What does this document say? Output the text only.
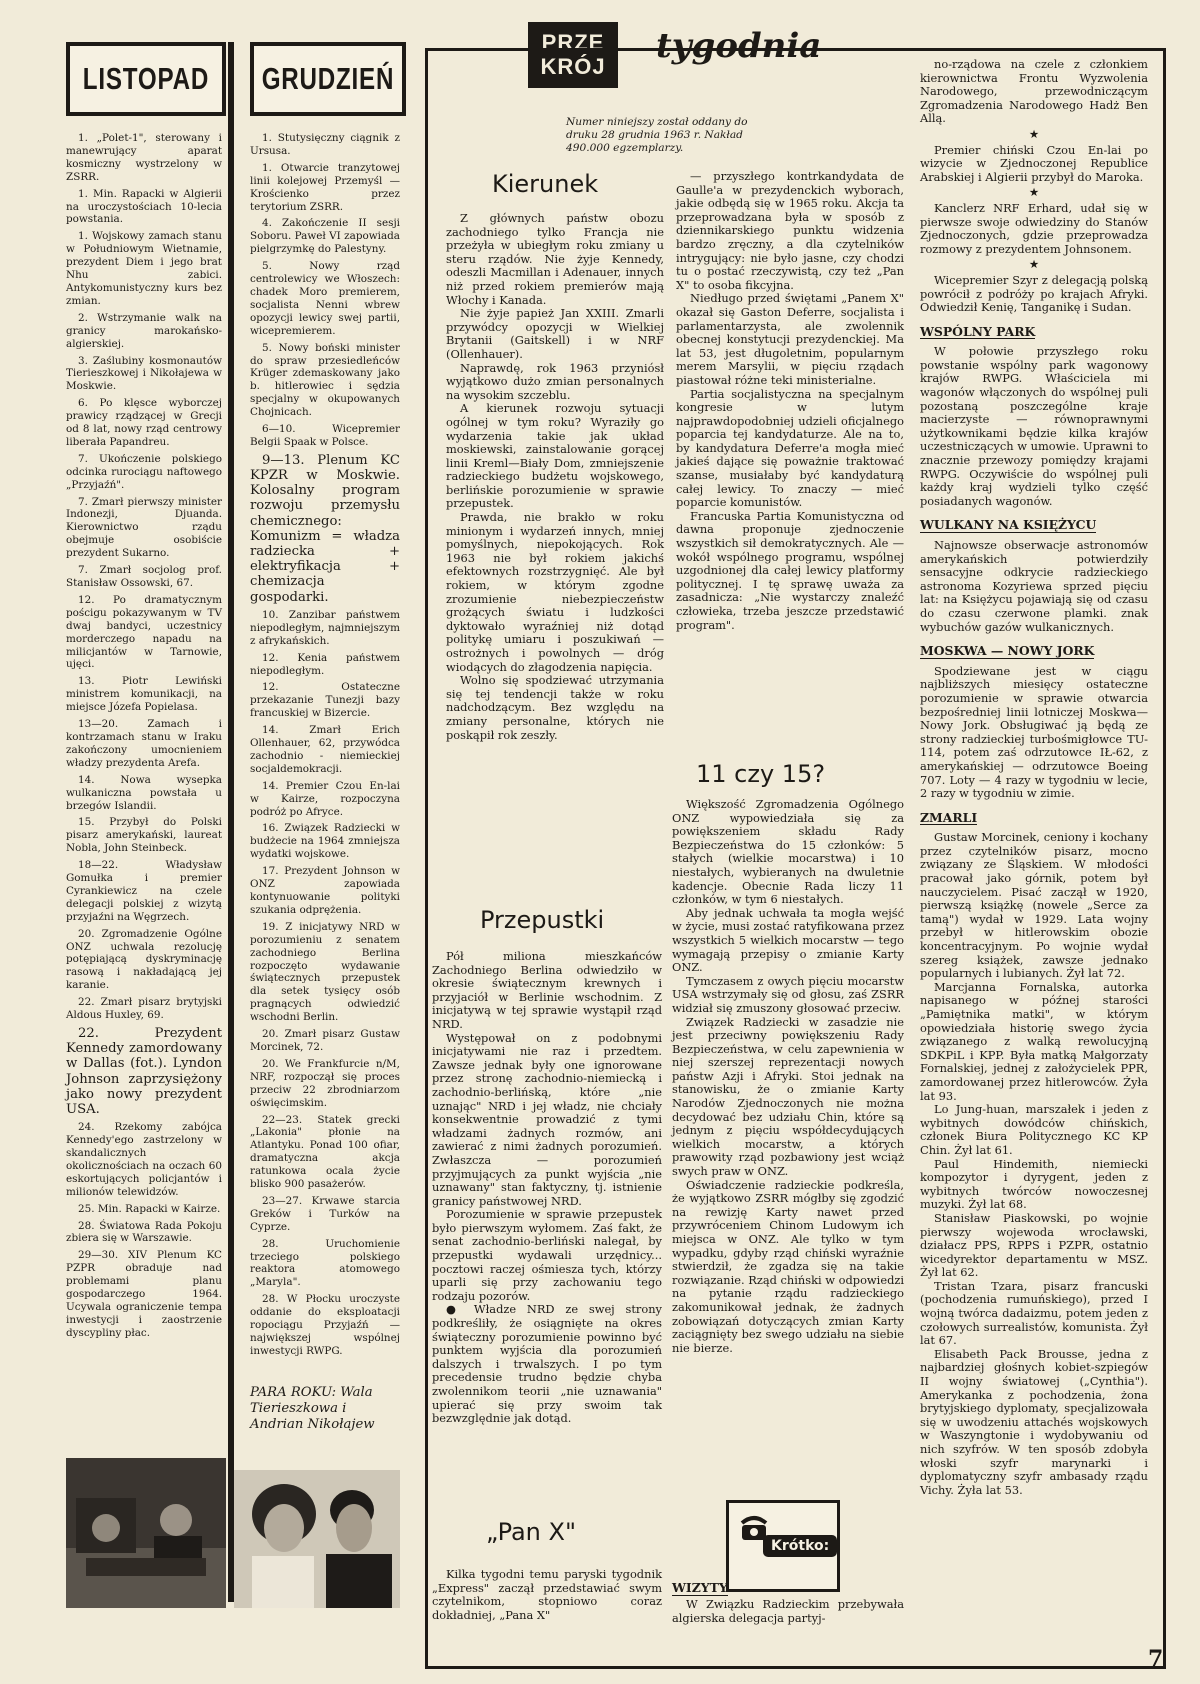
LISTOPAD GRUDZIEŃ

1. „Polet-1", sterowany i manewrujący aparat kosmiczny wystrzelony w ZSRR.

1. Min. Rapacki w Algierii na uroczystościach 10-lecia powstania.

1. Wojskowy zamach stanu w Południowym Wietnamie, prezydent Diem i jego brat Nhu zabici. Antykomunistyczny kurs bez zmian.

2. Wstrzymanie walk na granicy marokańsko-algierskiej.

3. Zaślubiny kosmonautów Tierieszkowej i Nikołajewa w Moskwie.

6. Po klęsce wyborczej prawicy rządzącej w Grecji od 8 lat, nowy rząd centrowy liberała Papandreu.

7. Ukończenie polskiego odcinka rurociągu naftowego „Przyjaźń".

7. Zmarł pierwszy minister Indonezji, Djuanda. Kierownictwo rządu obejmuje osobiście prezydent Sukarno.

7. Zmarł socjolog prof. Stanisław Ossowski, 67.

12. Po dramatycznym pościgu pokazywanym w TV dwaj bandyci, uczestnicy morderczego napadu na milicjantów w Tarnowie, ujęci.

13. Piotr Lewiński ministrem komunikacji, na miejsce Józefa Popielasa.

13—20. Zamach i kontrzamach stanu w Iraku zakończony umocnieniem władzy prezydenta Arefa.

14. Nowa wysepka wulkaniczna powstała u brzegów Islandii.

15. Przybył do Polski pisarz amerykański, laureat Nobla, John Steinbeck.

18—22. Władysław Gomułka i premier Cyrankiewicz na czele delegacji polskiej z wizytą przyjaźni na Węgrzech.

20. Zgromadzenie Ogólne ONZ uchwala rezolucję potępiającą dyskryminację rasową i nakładającą jej karanie.

22. Zmarł pisarz brytyjski Aldous Huxley, 69.

22. Prezydent Kennedy zamordowany w Dallas (fot.). Lyndon Johnson zaprzysiężony jako nowy prezydent USA.

24. Rzekomy zabójca Kennedy'ego zastrzelony w skandalicznych okolicznościach na oczach 60 eskortujących policjantów i milionów telewidzów.

25. Min. Rapacki w Kairze.

28. Światowa Rada Pokoju zbiera się w Warszawie.

29—30. XIV Plenum KC PZPR obraduje nad problemami planu gospodarczego 1964. Ucywala ograniczenie tempa inwestycji i zaostrzenie dyscypliny płac.

1. Stutysięczny ciągnik z Ursusa.

1. Otwarcie tranzytowej linii kolejowej Przemyśl — Krościenko przez terytorium ZSRR.

4. Zakończenie II sesji Soboru. Paweł VI zapowiada pielgrzymkę do Palestyny.

5. Nowy rząd centrolewicy we Włoszech: chadek Moro premierem, socjalista Nenni wbrew opozycji lewicy swej partii, wicepremierem.

5. Nowy boński minister do spraw przesiedleńców Krüger zdemaskowany jako b. hitlerowiec i sędzia specjalny w okupowanych Chojnicach.

6—10. Wicepremier Belgii Spaak w Polsce.

9—13. Plenum KC KPZR w Moskwie. Kolosalny program rozwoju przemysłu chemicznego: Komunizm = władza radziecka + elektryfikacja + chemizacja gospodarki.

10. Zanzibar państwem niepodległym, najmniejszym z afrykańskich.

12. Kenia państwem niepodległym.

12. Ostateczne przekazanie Tunezji bazy francuskiej w Bizercie.

14. Zmarł Erich Ollenhauer, 62, przywódca zachodnio - niemieckiej socjaldemokracji.

14. Premier Czou En-lai w Kairze, rozpoczyna podróż po Afryce.

16. Związek Radziecki w budżecie na 1964 zmniejsza wydatki wojskowe.

17. Prezydent Johnson w ONZ zapowiada kontynuowanie polityki szukania odprężenia.

19. Z inicjatywy NRD w porozumieniu z senatem zachodniego Berlina rozpoczęto wydawanie świątecznych przepustek dla setek tysięcy osób pragnących odwiedzić wschodni Berlin.

20. Zmarł pisarz Gustaw Morcinek, 72.

20. We Frankfurcie n/M, NRF, rozpoczął się proces przeciw 22 zbrodniarzom oświęcimskim.

22—23. Statek grecki „Lakonia" płonie na Atlantyku. Ponad 100 ofiar, dramatyczna akcja ratunkowa ocala życie blisko 900 pasażerów.

23—27. Krwawe starcia Greków i Turków na Cyprze.

28. Uruchomienie trzeciego polskiego reaktora atomowego „Maryla".

28. W Płocku uroczyste oddanie do eksploatacji ropociągu Przyjaźń — największej wspólnej inwestycji RWPG.

PARA ROKU: Wala Tierieszkowa i Andrian Nikołajew
PRZE
KRÓJ
tygodnia
Numer niniejszy został oddany do druku 28 grudnia 1963 r. Nakład 490.000 egzemplarzy.
Kierunek

Z głównych państw obozu zachodniego tylko Francja nie przeżyła w ubiegłym roku zmiany u steru rządów. Nie żyje Kennedy, odeszli Macmillan i Adenauer, innych niż przed rokiem premierów mają Włochy i Kanada.

Nie żyje papież Jan XXIII. Zmarli przywódcy opozycji w Wielkiej Brytanii (Gaitskell) i w NRF (Ollenhauer).

Naprawdę, rok 1963 przyniósł wyjątkowo dużo zmian personalnych na wysokim szczeblu.

A kierunek rozwoju sytuacji ogólnej w tym roku? Wyraziły go wydarzenia takie jak układ moskiewski, zainstalowanie gorącej linii Kreml—Biały Dom, zmniejszenie radzieckiego budżetu wojskowego, berlińskie porozumienie w sprawie przepustek.

Prawda, nie brakło w roku minionym i wydarzeń innych, mniej pomyślnych, niepokojących. Rok 1963 nie był rokiem jakichś efektownych rozstrzygnięć. Ale był rokiem, w którym zgodne zrozumienie niebezpieczeństw grożących światu i ludzkości dyktowało wyraźniej niż dotąd politykę umiaru i poszukiwań — ostrożnych i powolnych — dróg wiodących do złagodzenia napięcia.

Wolno się spodziewać utrzymania się tej tendencji także w roku nadchodzącym. Bez względu na zmiany personalne, których nie poskąpił rok zeszły.

Przepustki

Pół miliona mieszkańców Zachodniego Berlina odwiedziło w okresie świątecznym krewnych i przyjaciół w Berlinie wschodnim. Z inicjatywą w tej sprawie wystąpił rząd NRD.

Występował on z podobnymi inicjatywami nie raz i przedtem. Zawsze jednak były one ignorowane przez stronę zachodnio-niemiecką i zachodnio-berlińską, które „nie uznając" NRD i jej władz, nie chciały konsekwentnie prowadzić z tymi władzami żadnych rozmów, ani zawierać z nimi żadnych porozumień. Zwłaszcza — porozumień przyjmujących za punkt wyjścia „nie uznawany" stan faktyczny, tj. istnienie granicy państwowej NRD.

Porozumienie w sprawie przepustek było pierwszym wyłomem. Zaś fakt, że senat zachodnio-berliński nalegał, by przepustki wydawali urzędnicy... pocztowi raczej ośmiesza tych, którzy uparli się przy zachowaniu tego rodzaju pozorów.

● Władze NRD ze swej strony podkreśliły, że osiągnięte na okres świąteczny porozumienie powinno być punktem wyjścia dla porozumień dalszych i trwalszych. I po tym precedensie trudno będzie chyba zwolennikom teorii „nie uznawania" upierać się przy swoim tak bezwzględnie jak dotąd.

„Pan X"

Kilka tygodni temu paryski tygodnik „Express" zaczął przedstawiać swym czytelnikom, stopniowo coraz dokładniej, „Pana X"

— przyszłego kontrkandydata de Gaulle'a w prezydenckich wyborach, jakie odbędą się w 1965 roku. Akcja ta przeprowadzana była w sposób z dziennikarskiego punktu widzenia bardzo zręczny, a dla czytelników intrygujący: nie było jasne, czy chodzi tu o postać rzeczywistą, czy też „Pan X" to osoba fikcyjna.

Niedługo przed świętami „Panem X" okazał się Gaston Deferre, socjalista i parlamentarzysta, ale zwolennik obecnej konstytucji prezydenckiej. Ma lat 53, jest długoletnim, popularnym merem Marsylii, w pięciu rządach piastował różne teki ministerialne.

Partia socjalistyczna na specjalnym kongresie w lutym najprawdopodobniej udzieli oficjalnego poparcia tej kandydaturze. Ale na to, by kandydatura Deferre'a mogła mieć jakieś dające się poważnie traktować szanse, musiałaby być kandydaturą całej lewicy. To znaczy — mieć poparcie komunistów.

Francuska Partia Komunistyczna od dawna proponuje zjednoczenie wszystkich sił demokratycznych. Ale — wokół wspólnego programu, wspólnej uzgodnionej dla całej lewicy platformy politycznej. I tę sprawę uważa za zasadnicza: „Nie wystarczy znaleźć człowieka, trzeba jeszcze przedstawić program".

11 czy 15?

Większość Zgromadzenia Ogólnego ONZ wypowiedziała się za powiększeniem składu Rady Bezpieczeństwa do 15 członków: 5 stałych (wielkie mocarstwa) i 10 niestałych, wybieranych na dwuletnie kadencje. Obecnie Rada liczy 11 członków, w tym 6 niestałych.

Aby jednak uchwała ta mogła wejść w życie, musi zostać ratyfikowana przez wszystkich 5 wielkich mocarstw — tego wymagają przepisy o zmianie Karty ONZ.

Tymczasem z owych pięciu mocarstw USA wstrzymały się od głosu, zaś ZSRR widział się zmuszony głosować przeciw.

Związek Radziecki w zasadzie nie jest przeciwny powiększeniu Rady Bezpieczeństwa, w celu zapewnienia w niej szerszej reprezentacji nowych państw Azji i Afryki. Stoi jednak na stanowisku, że o zmianie Karty Narodów Zjednoczonych nie można decydować bez udziału Chin, które są jednym z pięciu współdecydujących wielkich mocarstw, a których prawowity rząd pozbawiony jest wciąż swych praw w ONZ.

Oświadczenie radzieckie podkreśla, że wyjątkowo ZSRR mógłby się zgodzić na rewizję Karty nawet przed przywróceniem Chinom Ludowym ich miejsca w ONZ. Ale tylko w tym wypadku, gdyby rząd chiński wyraźnie stwierdził, że zgadza się na takie rozwiązanie. Rząd chiński w odpowiedzi na pytanie rządu radzieckiego zakomunikował jednak, że żadnych zobowiązań dotyczących zmian Karty zaciągnięty bez swego udziału na siebie nie bierze.

Krótko:
WIZYTY

W Związku Radzieckim przebywała algierska delegacja partyj-

no-rządowa na czele z członkiem kierownictwa Frontu Wyzwolenia Narodowego, przewodniczącym Zgromadzenia Narodowego Hadż Ben Allą.

★

Premier chiński Czou En-lai po wizycie w Zjednoczonej Republice Arabskiej i Algierii przybył do Maroka.

★

Kanclerz NRF Erhard, udał się w pierwsze swoje odwiedziny do Stanów Zjednoczonych, gdzie przeprowadza rozmowy z prezydentem Johnsonem.

★

Wicepremier Szyr z delegacją polską powrócił z podróży po krajach Afryki. Odwiedził Kenię, Tanganikę i Sudan.

WSPÓLNY PARK

W połowie przyszłego roku powstanie wspólny park wagonowy krajów RWPG. Właściciela mi wagonów włączonych do wspólnej puli pozostaną poszczególne kraje macierzyste — równoprawnymi użytkownikami będzie kilka krajów uczestniczących w umowie. Uprawni to znacznie przewozy pomiędzy krajami RWPG. Oczywiście do wspólnej puli każdy kraj wydzieli tylko część posiadanych wagonów.

WULKANY NA KSIĘŻYCU

Najnowsze obserwacje astronomów amerykańskich potwierdziły sensacyjne odkrycie radzieckiego astronoma Kozyriewa sprzed pięciu lat: na Księżycu pojawiają się od czasu do czasu czerwone plamki. znak wybuchów gazów wulkanicznych.

MOSKWA — NOWY JORK

Spodziewane jest w ciągu najbliższych miesięcy ostateczne porozumienie w sprawie otwarcia bezpośredniej linii lotniczej Moskwa—Nowy Jork. Obsługiwać ją będą ze strony radzieckiej turbośmigłowce TU-114, potem zaś odrzutowce IŁ-62, z amerykańskiej — odrzutowce Boeing 707. Loty — 4 razy w tygodniu w lecie, 2 razy w tygodniu w zimie.

ZMARLI

Gustaw Morcinek, ceniony i kochany przez czytelników pisarz, mocno związany ze Śląskiem. W młodości pracował jako górnik, potem był nauczycielem. Pisać zaczął w 1920, pierwszą książkę (nowele „Serce za tamą") wydał w 1929. Lata wojny przebył w hitlerowskim obozie koncentracyjnym. Po wojnie wydał szereg książek, zawsze jednako popularnych i lubianych. Żył lat 72.

Marcjanna Fornalska, autorka napisanego w późnej starości „Pamiętnika matki", w którym opowiedziała historię swego życia związanego z walką rewolucyjną SDKPiL i KPP. Była matką Małgorzaty Fornalskiej, jednej z założycielek PPR, zamordowanej przez hitlerowców. Żyła lat 93.

Lo Jung-huan, marszałek i jeden z wybitnych dowódców chińskich, członek Biura Politycznego KC KP Chin. Żył lat 61.

Paul Hindemith, niemiecki kompozytor i dyrygent, jeden z wybitnych twórców nowoczesnej muzyki. Żył lat 68.

Stanisław Piaskowski, po wojnie pierwszy wojewoda wrocławski, działacz PPS, RPPS i PZPR, ostatnio wicedyrektor departamentu w MSZ. Żył lat 62.

Tristan Tzara, pisarz francuski (pochodzenia rumuńskiego), przed I wojną twórca dadaizmu, potem jeden z czołowych surrealistów, komunista. Żył lat 67.

Elisabeth Pack Brousse, jedna z najbardziej głośnych kobiet-szpiegów II wojny światowej („Cynthia"). Amerykanka z pochodzenia, żona brytyjskiego dyplomaty, specjalizowała się w uwodzeniu attachés wojskowych w Waszyngtonie i wydobywaniu od nich szyfrów. W ten sposób zdobyła włoski szyfr marynarki i dyplomatyczny szyfr ambasady rządu Vichy. Żyła lat 53.

7
